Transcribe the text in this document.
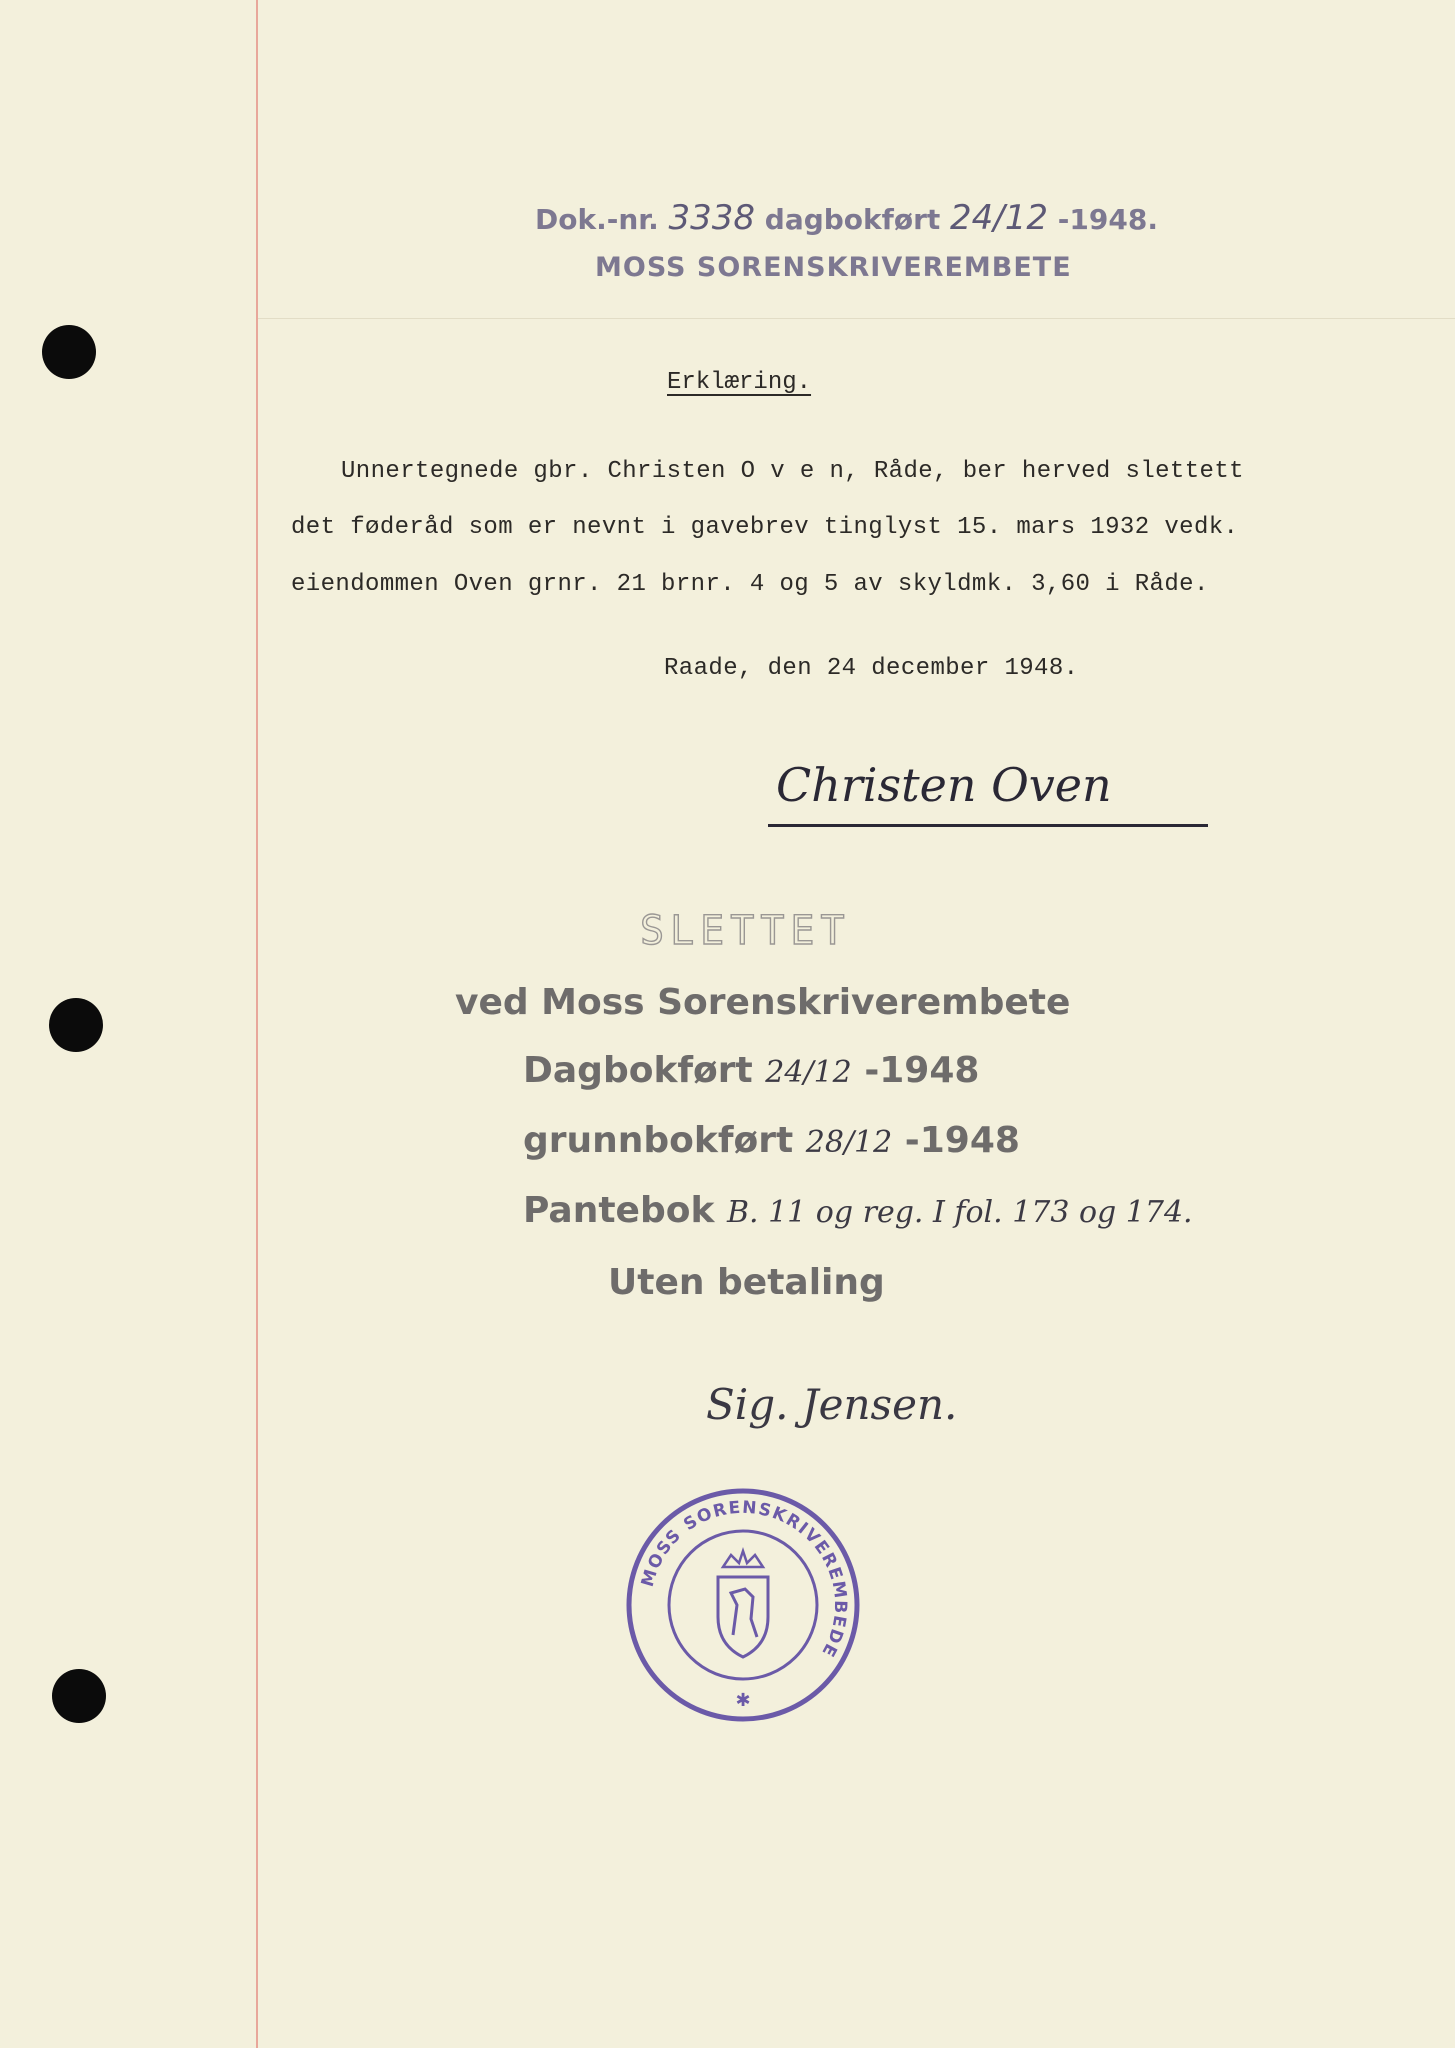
Dok.-nr. 3338 dagbokført 24/12 -1948.
MOSS SORENSKRIVEREMBETE
Erklæring.
Unnertegnede gbr. Christen O v e n, Råde, ber herved slettett
det føderåd som er nevnt i gavebrev tinglyst 15. mars 1932 vedk.
eiendommen Oven grnr. 21 brnr. 4 og 5 av skyldmk. 3,60 i Råde.
Raade, den 24 december 1948.
Christen Oven
SLETTET
ved Moss Sorenskriverembete
Dagbokført 24/12 -1948
grunnbokført 28/12 -1948
Pantebok B. 11 og reg. I fol. 173 og 174.
Uten betaling
Sig. Jensen.
MOSS SORENSKRIVEREMBEDE
✱
